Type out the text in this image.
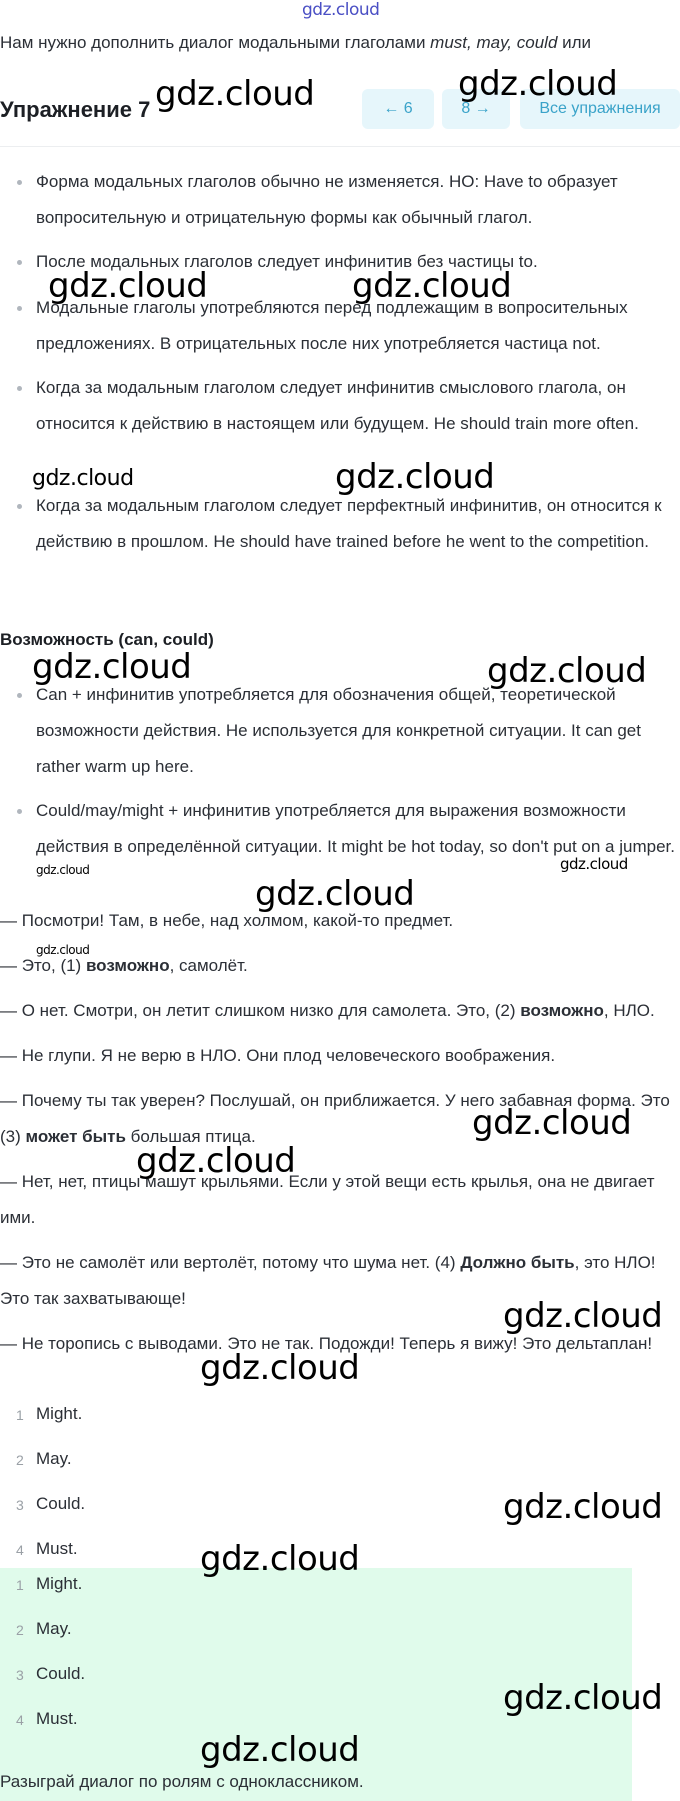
gdz.cloud
Нам нужно дополнить диалог модальными глаголами must, may, could или
Упражнение 7	← 6	8 →	Все упражнения
Форма модальных глаголов обычно не изменяется. НО: Have to образует вопросительную и отрицательную формы как обычный глагол.
После модальных глаголов следует инфинитив без частицы to.
Модальные глаголы употребляются перед подлежащим в вопросительных предложениях. В отрицательных после них употребляется частица not.
Когда за модальным глаголом следует инфинитив смыслового глагола, он относится к действию в настоящем или будущем. He should train more often.
Когда за модальным глаголом следует перфектный инфинитив, он относится к действию в прошлом. He should have trained before he went to the competition.
Возможность (can, could)
Can + инфинитив употребляется для обозначения общей, теоретической возможности действия. Не используется для конкретной ситуации. It can get rather warm up here.
Could/may/might + инфинитив употребляется для выражения возможности действия в определённой ситуации. It might be hot today, so don't put on a jumper.
— Посмотри! Там, в небе, над холмом, какой-то предмет.
— Это, (1) возможно, самолёт.
— О нет. Смотри, он летит слишком низко для самолета. Это, (2) возможно, НЛО.
— Не глупи. Я не верю в НЛО. Они плод человеческого воображения.
— Почему ты так уверен? Послушай, он приближается. У него забавная форма. Это (3) может быть большая птица.
— Нет, нет, птицы машут крыльями. Если у этой вещи есть крылья, она не двигает ими.
— Это не самолёт или вертолёт, потому что шума нет. (4) Должно быть, это НЛО! Это так захватывающе!
— Не торопись с выводами. Это не так. Подожди! Теперь я вижу! Это дельтаплан!
1 Might.
2 May.
3 Could.
4 Must.
1 Might.
2 May.
3 Could.
4 Must.
Разыграй диалог по ролям с одноклассником.
gdz.cloud	gdz.cloud
gdz.cloud	gdz.cloud
gdz.cloud	gdz.cloud
gdz.cloud	gdz.cloud
gdz.cloud	gdz.cloud
gdz.cloud
gdz.cloud
gdz.cloud
gdz.cloud
gdz.cloud
gdz.cloud
gdz.cloud
gdz.cloud
gdz.cloud
gdz.cloud
